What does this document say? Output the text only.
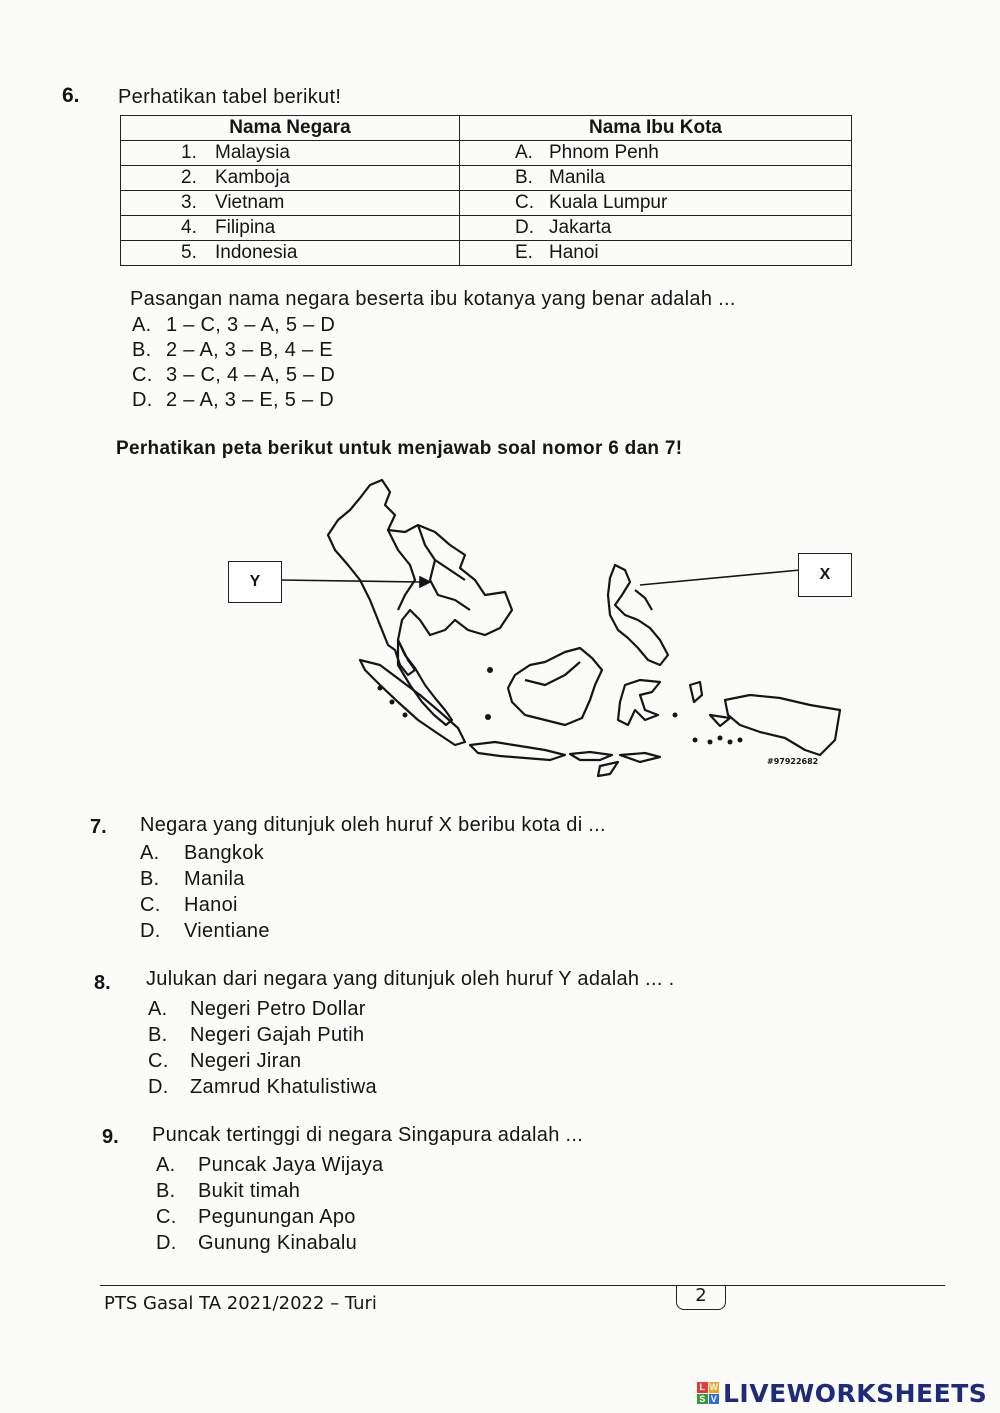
6. Perhatikan tabel berikut!
Nama Negara	Nama Ibu Kota
1. Malaysia	A. Phnom Penh
2. Kamboja	B. Manila
3. Vietnam	C. Kuala Lumpur
4. Filipina	D. Jakarta
5. Indonesia	E. Hanoi
Pasangan nama negara beserta ibu kotanya yang benar adalah ...
A. 1 – C, 3 – A, 5 – D
B. 2 – A, 3 – B, 4 – E
C. 3 – C, 4 – A, 5 – D
D. 2 – A, 3 – E, 5 – D
Perhatikan peta berikut untuk menjawab soal nomor 6 dan 7!
Y	X
#97922682
7. Negara yang ditunjuk oleh huruf X beribu kota di ...
A. Bangkok
B. Manila
C. Hanoi
D. Vientiane
8. Julukan dari negara yang ditunjuk oleh huruf Y adalah ... .
A. Negeri Petro Dollar
B. Negeri Gajah Putih
C. Negeri Jiran
D. Zamrud Khatulistiwa
9. Puncak tertinggi di negara Singapura adalah ...
A. Puncak Jaya Wijaya
B. Bukit timah
C. Pegunungan Apo
D. Gunung Kinabalu
PTS Gasal TA 2021/2022 – Turi	2
L W
S V LIVEWORKSHEETS
